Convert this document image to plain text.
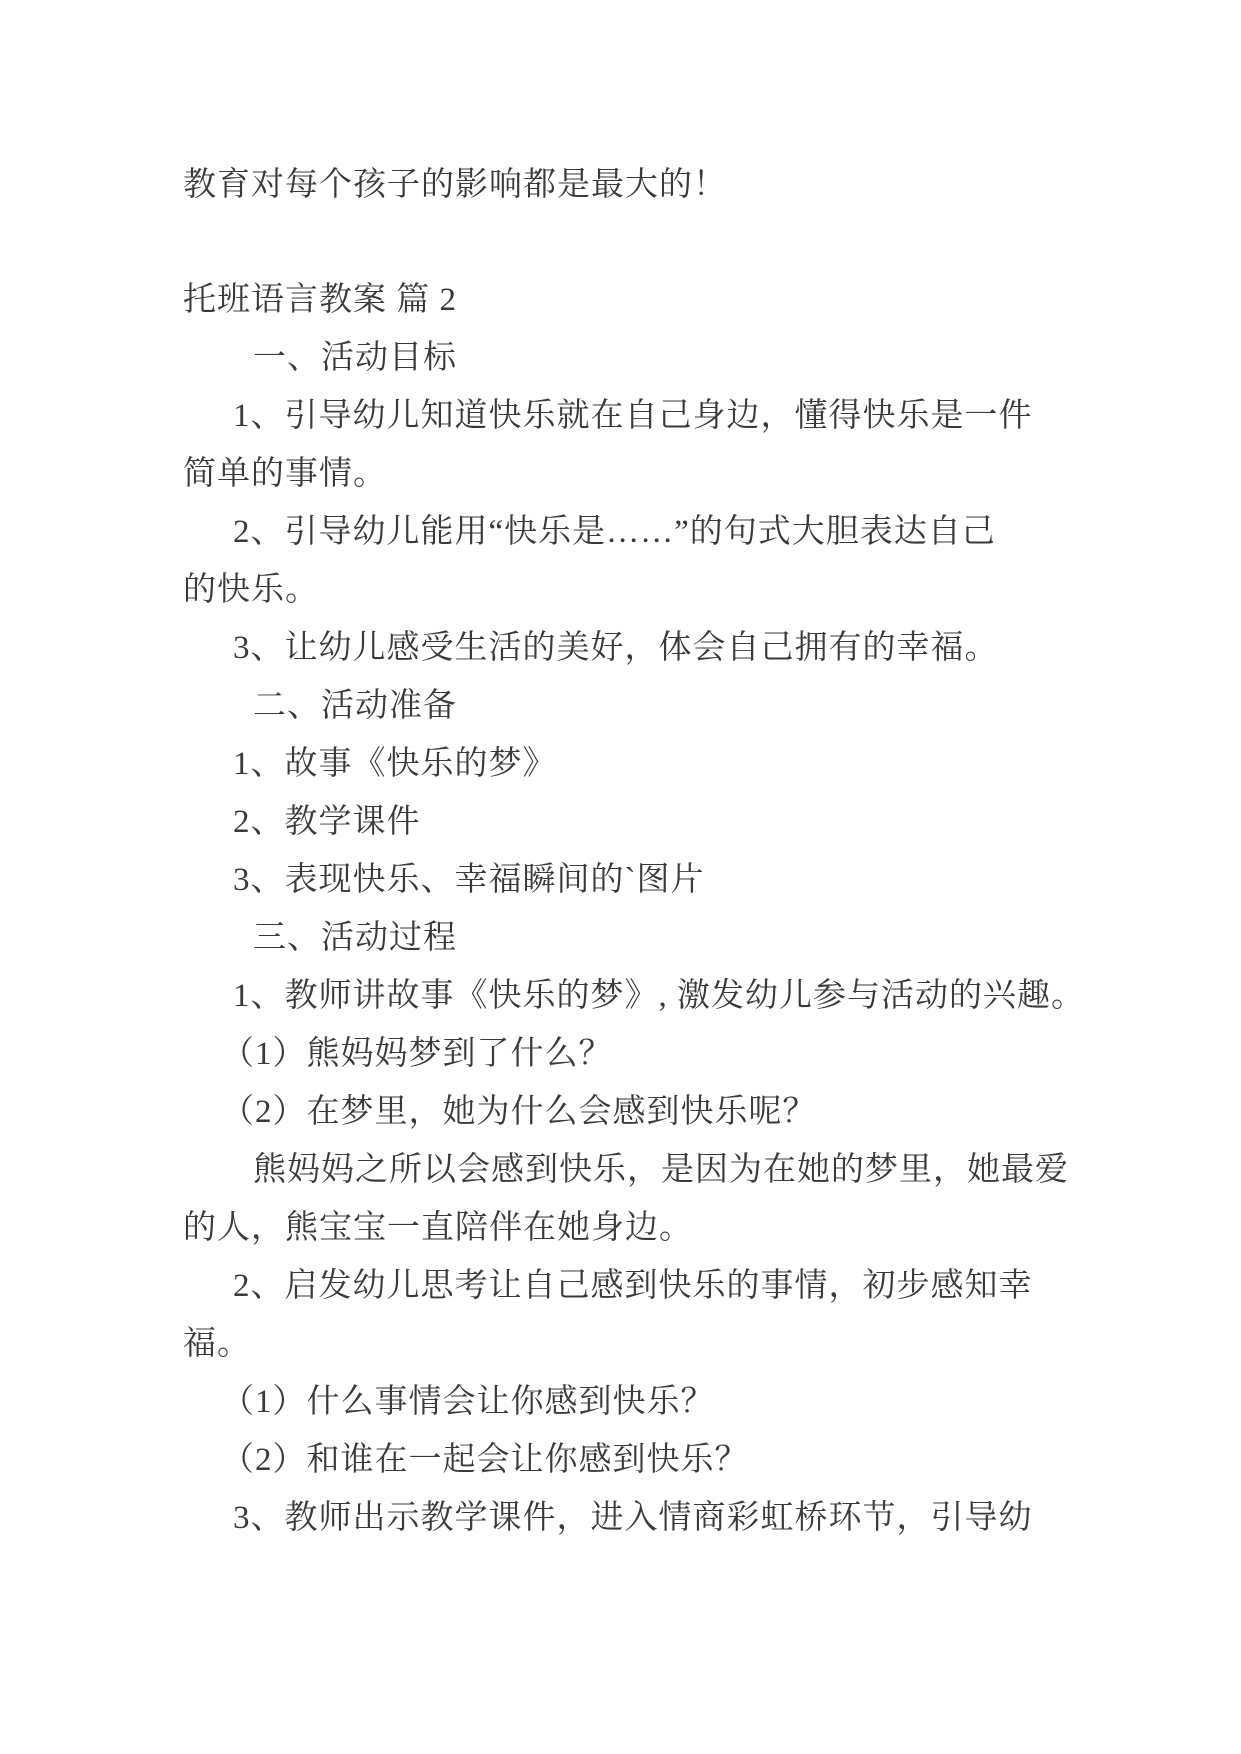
教育对每个孩子的影响都是最大的！
托班语言教案 篇 2
一、活动目标
1、引导幼儿知道快乐就在自己身边，懂得快乐是一件
简单的事情。
2、引导幼儿能用“快乐是……”的句式大胆表达自己
的快乐。
3、让幼儿感受生活的美好，体会自己拥有的幸福。
二、活动准备
1、故事《快乐的梦》
2、教学课件
3、表现快乐、幸福瞬间的`图片
三、活动过程
1、教师讲故事《快乐的梦》, 激发幼儿参与活动的兴趣。
（1）熊妈妈梦到了什么？
（2）在梦里，她为什么会感到快乐呢？
熊妈妈之所以会感到快乐，是因为在她的梦里，她最爱
的人，熊宝宝一直陪伴在她身边。
2、启发幼儿思考让自己感到快乐的事情，初步感知幸
福。
（1）什么事情会让你感到快乐？
（2）和谁在一起会让你感到快乐？
3、教师出示教学课件，进入情商彩虹桥环节，引导幼
